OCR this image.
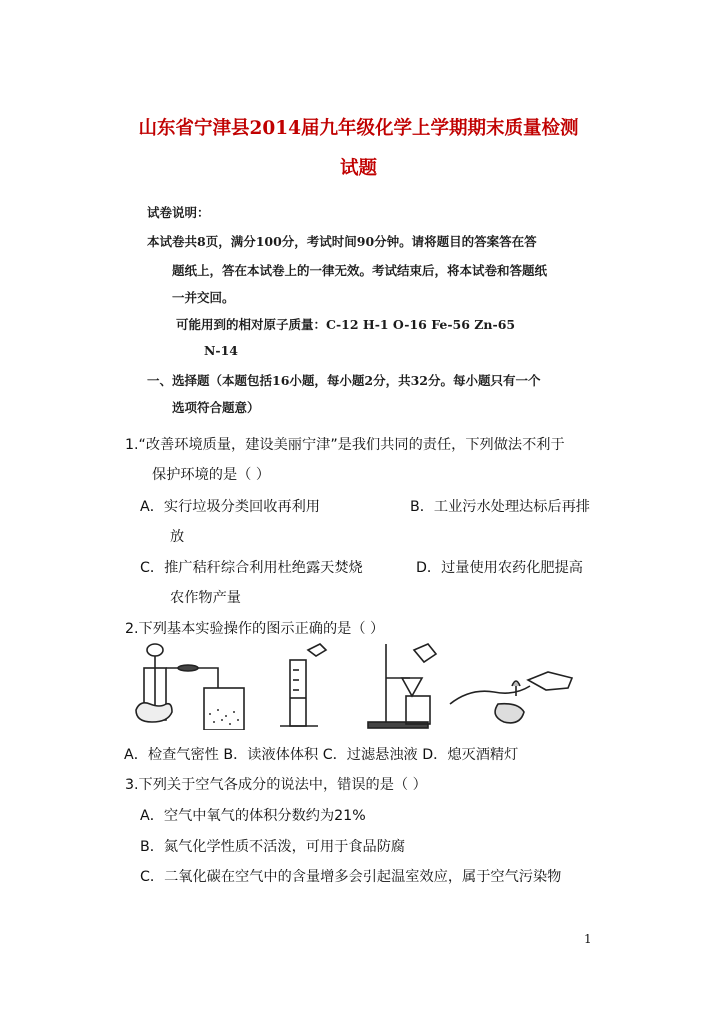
山东省宁津县2014届九年级化学上学期期末质量检测
试题
试卷说明：
本试卷共8页，满分100分，考试时间90分钟。请将题目的答案答在答
题纸上，答在本试卷上的一律无效。考试结束后，将本试卷和答题纸
一并交回。
可能用到的相对原子质量：C-12 H-1 O-16 Fe-56 Zn-65
N-14
一、选择题（本题包括16小题，每小题2分，共32分。每小题只有一个
选项符合题意）
1.“改善环境质量，建设美丽宁津”是我们共同的责任，下列做法不利于
保护环境的是（ ）
A．实行垃圾分类回收再利用	B．工业污水处理达标后再排
放
C．推广秸秆综合利用杜绝露天焚烧	D．过量使用农药化肥提高
农作物产量
2.下列基本实验操作的图示正确的是（ ）
A．检查气密性 B．读液体体积 C．过滤悬浊液 D．熄灭酒精灯
3.下列关于空气各成分的说法中，错误的是（ ）
A．空气中氧气的体积分数约为21%
B．氮气化学性质不活泼，可用于食品防腐
C．二氧化碳在空气中的含量增多会引起温室效应，属于空气污染物
1
